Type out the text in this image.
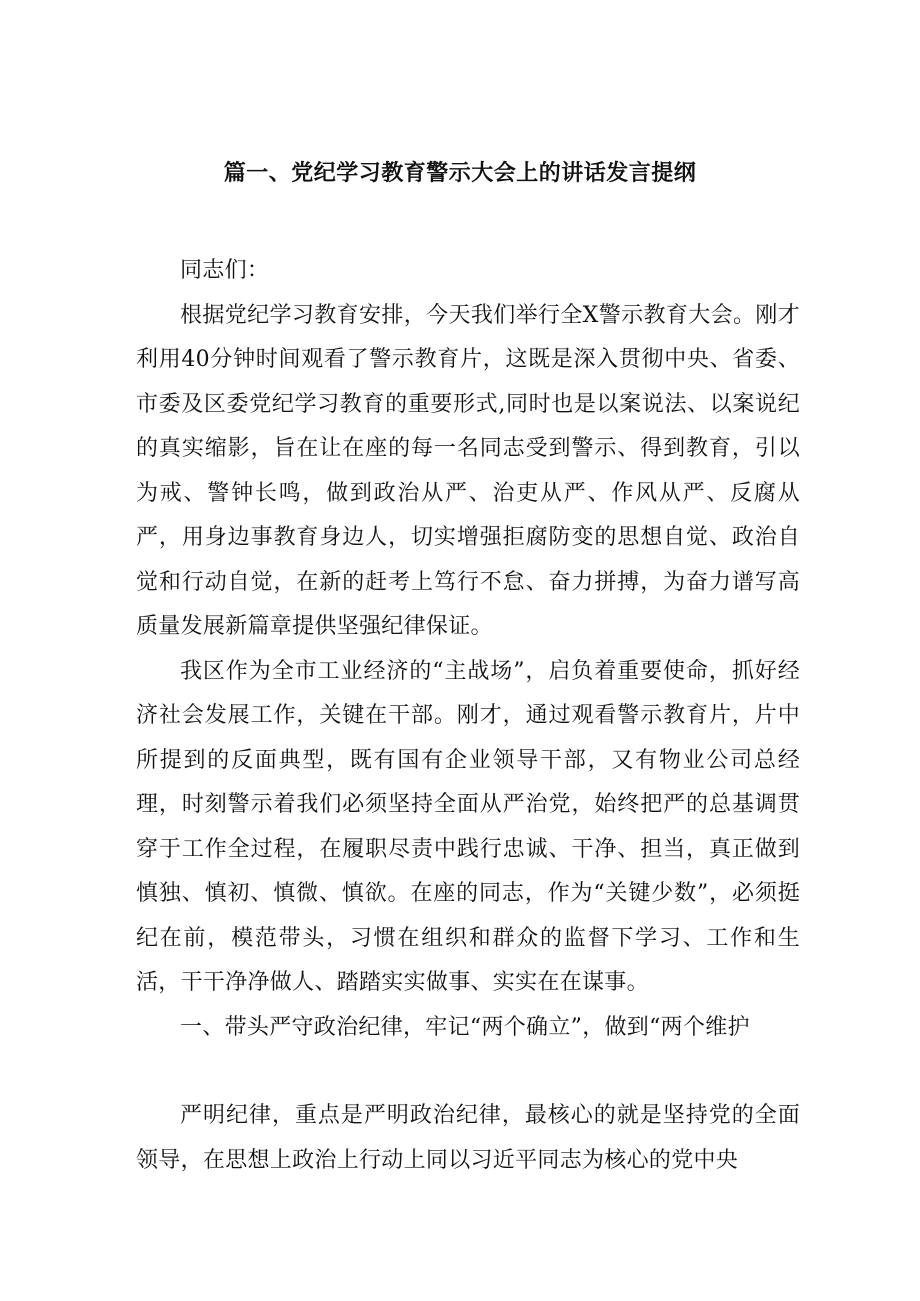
篇一、党纪学习教育警示大会上的讲话发言提纲

同志们：

根据党纪学习教育安排，今天我们举行全X警示教育大会。刚才利用40分钟时间观看了警示教育片，这既是深入贯彻中央、省委、市委及区委党纪学习教育的重要形式,同时也是以案说法、以案说纪的真实缩影，旨在让在座的每一名同志受到警示、得到教育，引以为戒、警钟长鸣，做到政治从严、治吏从严、作风从严、反腐从严，用身边事教育身边人，切实增强拒腐防变的思想自觉、政治自觉和行动自觉，在新的赶考上笃行不怠、奋力拼搏，为奋力谱写高质量发展新篇章提供坚强纪律保证。

我区作为全市工业经济的“主战场”，启负着重要使命，抓好经济社会发展工作，关键在干部。刚才，通过观看警示教育片，片中所提到的反面典型，既有国有企业领导干部，又有物业公司总经理，时刻警示着我们必须坚持全面从严治党，始终把严的总基调贯穿于工作全过程，在履职尽责中践行忠诚、干净、担当，真正做到慎独、慎初、慎微、慎欲。在座的同志，作为“关键少数”，必须挺纪在前，模范带头，习惯在组织和群众的监督下学习、工作和生活，干干净净做人、踏踏实实做事、实实在在谋事。

一、带头严守政治纪律，牢记“两个确立”，做到“两个维护

严明纪律，重点是严明政治纪律，最核心的就是坚持党的全面领导，在思想上政治上行动上同以习近平同志为核心的党中央
